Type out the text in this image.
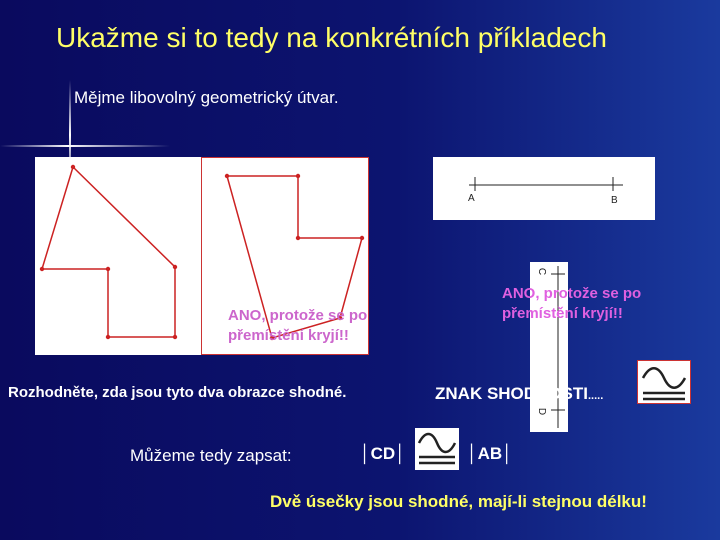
Ukažme si to tedy na konkrétních příkladech
Mějme libovolný geometrický útvar.
ANO, protože se po
přemístění kryjí!!
A	B
C
D
ANO, protože se po
přemístění kryjí!!
Rozhodněte, zda jsou tyto dva obrazce shodné.	ZNAK SHODNOSTI.....
Můžeme tedy zapsat:	│CD│	│AB│
Dvě úsečky jsou shodné, mají-li stejnou délku!
